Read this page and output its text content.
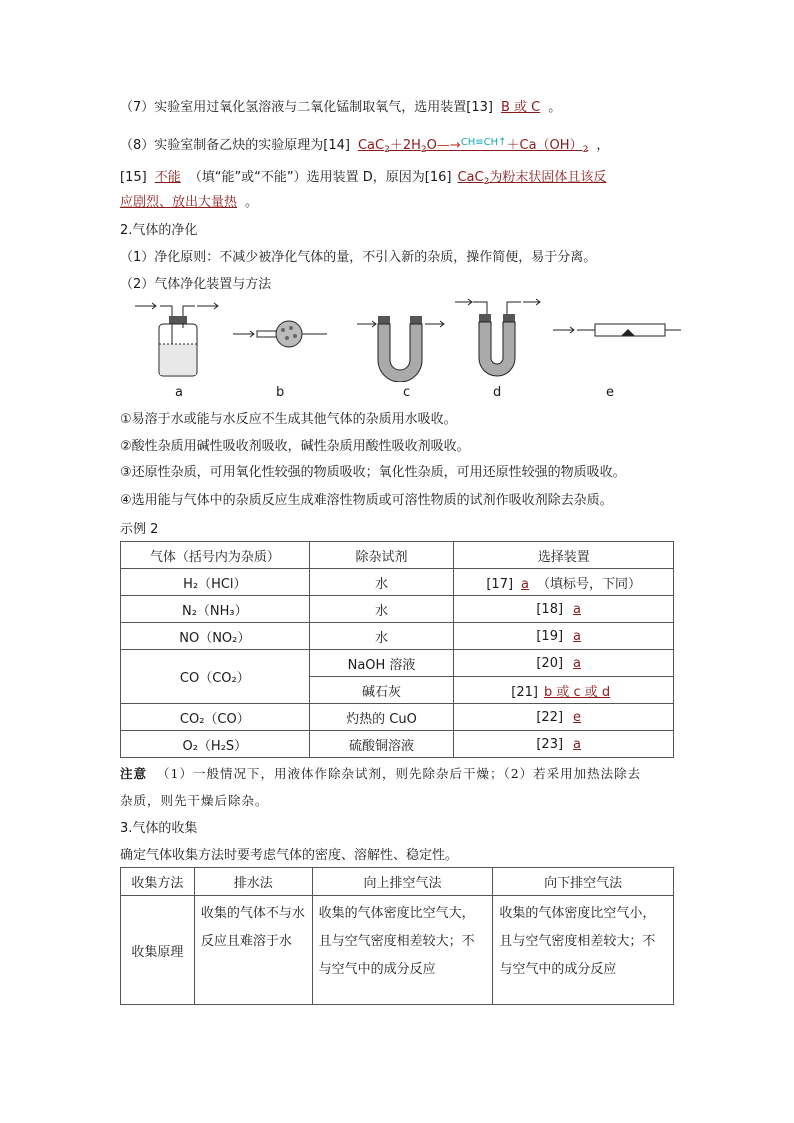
（7）实验室用过氧化氢溶液与二氧化锰制取氧气，选用装置[13] B 或 C 。
（8）实验室制备乙炔的实验原理为[14] $CaC_2+2H_2O—\to^{CH\equiv CH↑}+Ca(OH)_2$ ，
[15] 不能 （填“能”或“不能”）选用装置 D，原因为[16] CaC$_2$为粉末状固体且该反
应剧烈、放出大量热 。
2.气体的净化
（1）净化原则：不减少被净化气体的量，不引入新的杂质，操作简便，易于分离。
（2）气体净化装置与方法
a	b	c	d	e
①易溶于水或能与水反应不生成其他气体的杂质用水吸收。
②酸性杂质用碱性吸收剂吸收，碱性杂质用酸性吸收剂吸收。
③还原性杂质，可用氧化性较强的物质吸收；氧化性杂质，可用还原性较强的物质吸收。
④选用能与气体中的杂质反应生成难溶性物质或可溶性物质的试剂作吸收剂除去杂质。
示例 2
气体（括号内为杂质）	除杂试剂	选择装置
H₂（HCl）	水	[17] a （填标号，下同）
N₂（NH₃）	水	[18] a
NO（NO₂）	水	[19] a
CO（CO₂）	NaOH 溶液	[20] a
	碱石灰	[21] b 或 c 或 d
CO₂（CO）	灼热的 CuO	[22] e
O₂（H₂S）	硫酸铜溶液	[23] a
注意 （1）一般情况下，用液体作除杂试剂，则先除杂后干燥；（2）若采用加热法除去
杂质，则先干燥后除杂。
3.气体的收集
确定气体收集方法时要考虑气体的密度、溶解性、稳定性。
收集方法	排水法	向上排空气法	向下排空气法
收集原理	收集的气体不与水反应且难溶于水	收集的气体密度比空气大，且与空气密度相差较大；不与空气中的成分反应	收集的气体密度比空气小，且与空气密度相差较大；不与空气中的成分反应
